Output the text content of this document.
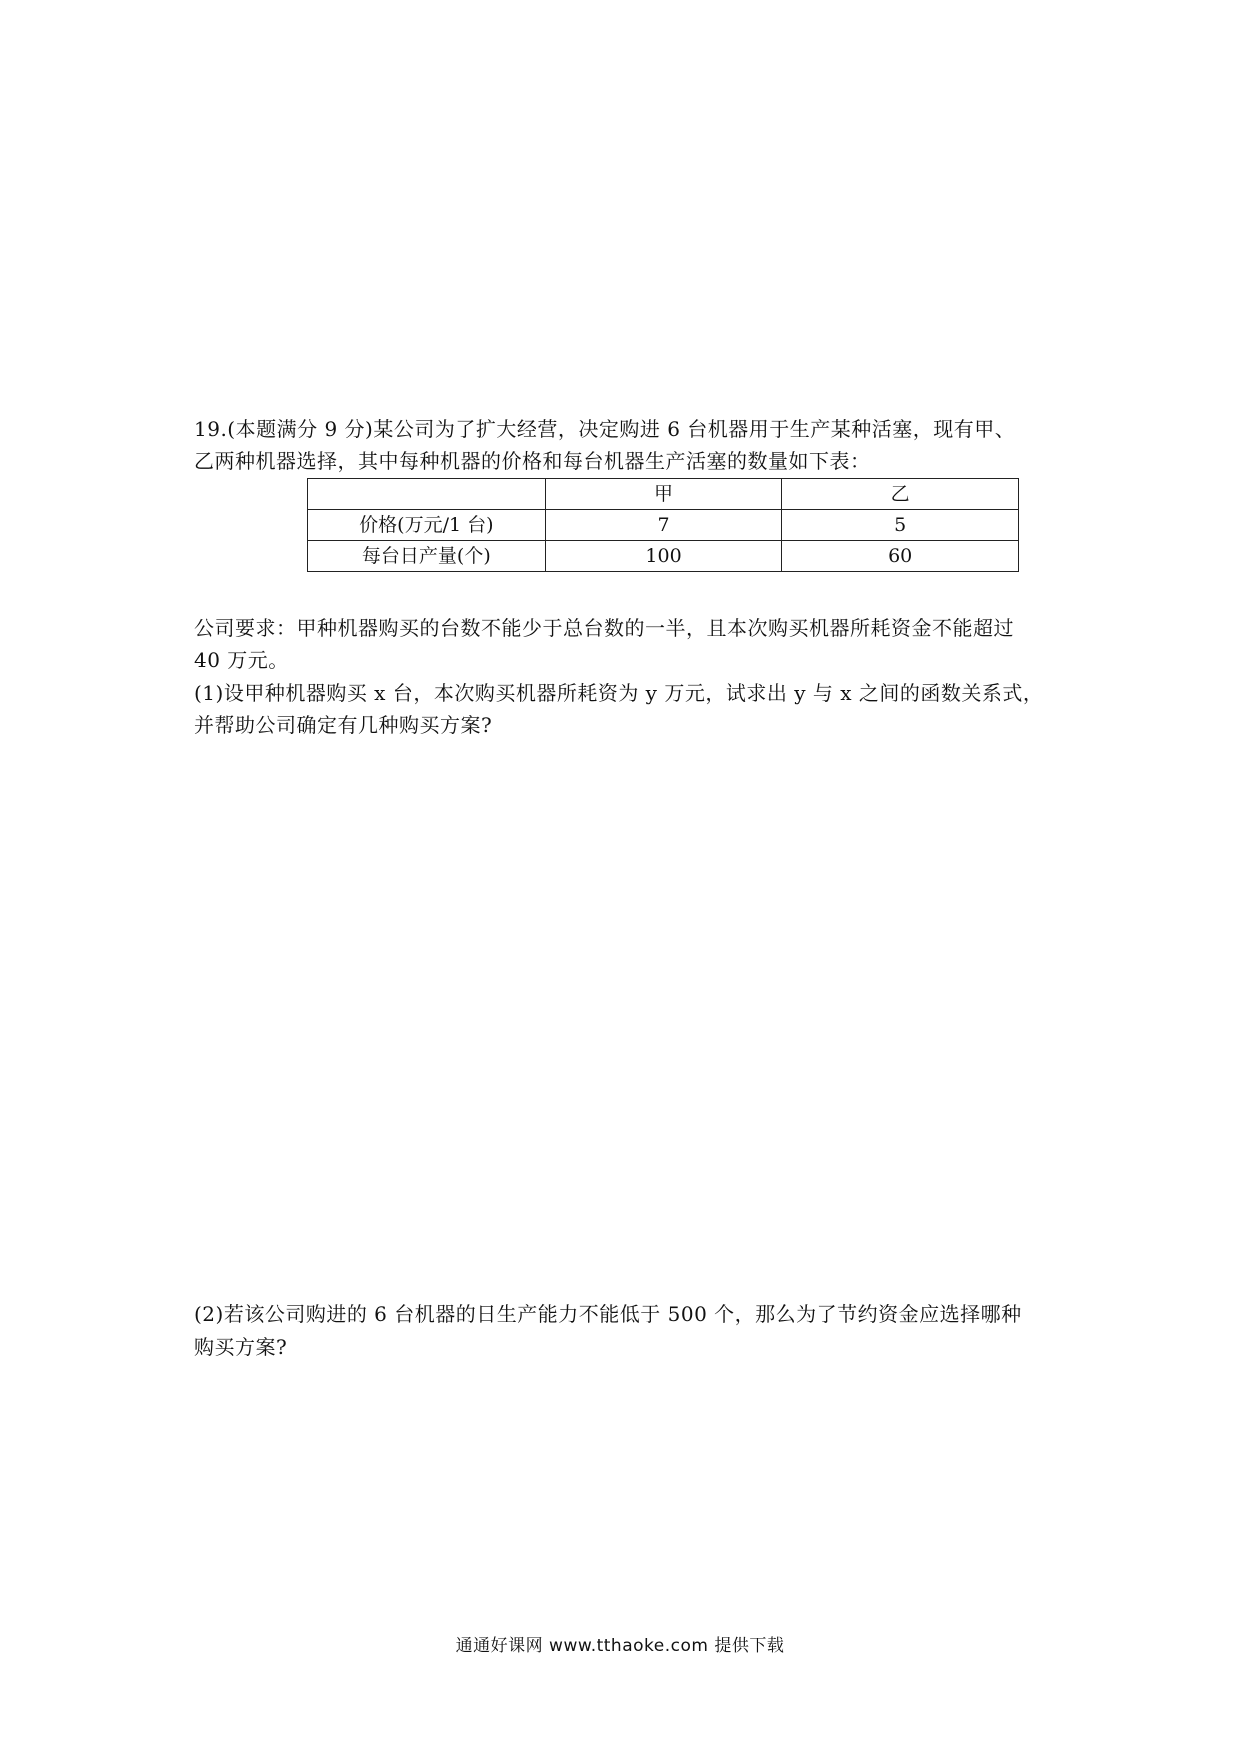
19.(本题满分 9 分)某公司为了扩大经营，决定购进 6 台机器用于生产某种活塞，现有甲、
乙两种机器选择，其中每种机器的价格和每台机器生产活塞的数量如下表：
	甲	乙
价格(万元/1 台)	7	5
每台日产量(个)	100	60
公司要求：甲种机器购买的台数不能少于总台数的一半，且本次购买机器所耗资金不能超过
40 万元。
(1)设甲种机器购买 x 台，本次购买机器所耗资为 y 万元，试求出 y 与 x 之间的函数关系式，
并帮助公司确定有几种购买方案?
(2)若该公司购进的 6 台机器的日生产能力不能低于 500 个，那么为了节约资金应选择哪种
购买方案?
通通好课网 www.tthaoke.com 提供下载
